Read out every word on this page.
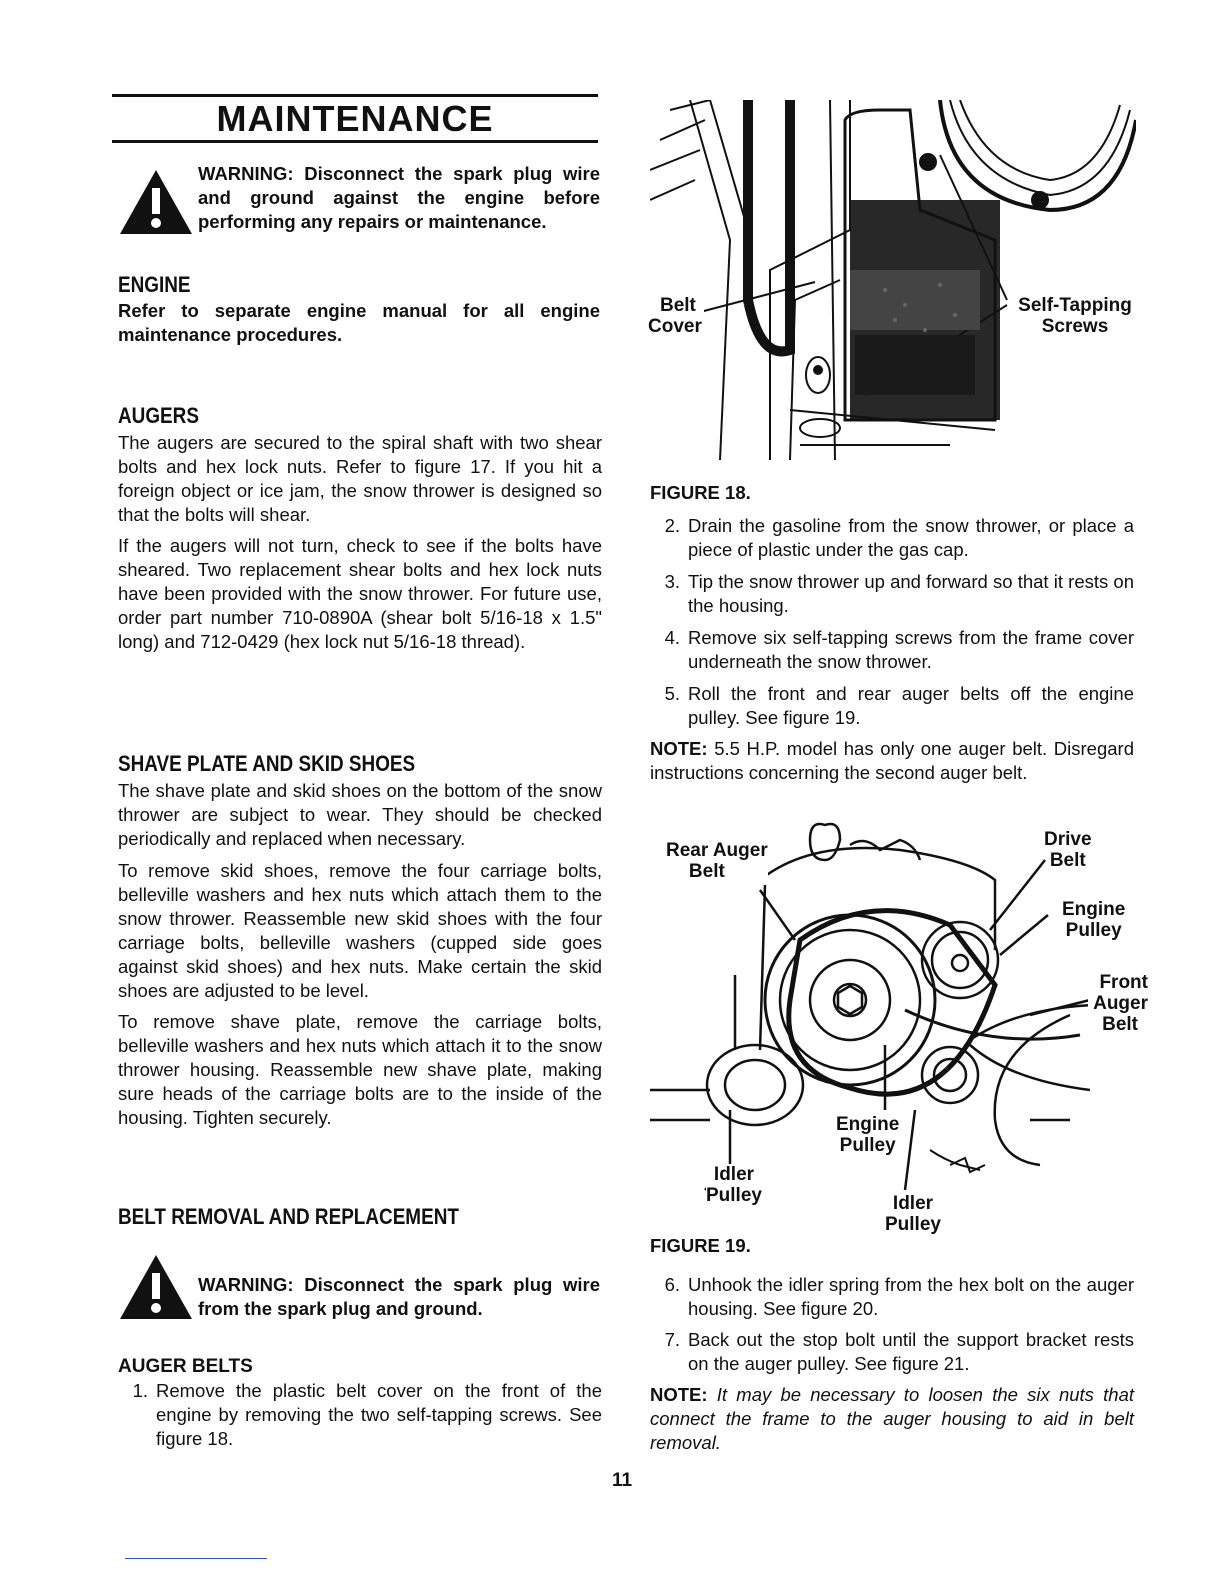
MAINTENANCE
WARNING: Disconnect the spark plug wire and ground against the engine before performing any repairs or maintenance.
ENGINE
Refer to separate engine manual for all engine maintenance procedures.
AUGERS
The augers are secured to the spiral shaft with two shear bolts and hex lock nuts. Refer to figure 17. If you hit a foreign object or ice jam, the snow thrower is designed so that the bolts will shear.
If the augers will not turn, check to see if the bolts have sheared. Two replacement shear bolts and hex lock nuts have been provided with the snow thrower. For future use, order part number 710-0890A (shear bolt 5/16-18 x 1.5" long) and 712-0429 (hex lock nut 5/16-18 thread).
SHAVE PLATE AND SKID SHOES
The shave plate and skid shoes on the bottom of the snow thrower are subject to wear. They should be checked periodically and replaced when necessary.
To remove skid shoes, remove the four carriage bolts, belleville washers and hex nuts which attach them to the snow thrower. Reassemble new skid shoes with the four carriage bolts, belleville washers (cupped side goes against skid shoes) and hex nuts. Make certain the skid shoes are adjusted to be level.
To remove shave plate, remove the carriage bolts, belleville washers and hex nuts which attach it to the snow thrower housing. Reassemble new shave plate, making sure heads of the carriage bolts are to the inside of the housing. Tighten securely.
BELT REMOVAL AND REPLACEMENT
WARNING: Disconnect the spark plug wire from the spark plug and ground.
AUGER BELTS
1. Remove the plastic belt cover on the front of the engine by removing the two self-tapping screws. See figure 18.
Belt
Cover
Self-Tapping
Screws
FIGURE 18.
2. Drain the gasoline from the snow thrower, or place a piece of plastic under the gas cap.
3. Tip the snow thrower up and forward so that it rests on the housing.
4. Remove six self-tapping screws from the frame cover underneath the snow thrower.
5. Roll the front and rear auger belts off the engine pulley. See figure 19.
NOTE: 5.5 H.P. model has only one auger belt. Disregard instructions concerning the second auger belt.
Rear Auger
Belt
Drive
Belt
Engine
Pulley
Front
Auger
Belt
Engine
Pulley
Idler
Pulley	Idler
Pulley
FIGURE 19.
6. Unhook the idler spring from the hex bolt on the auger housing. See figure 20.
7. Back out the stop bolt until the support bracket rests on the auger pulley. See figure 21.
NOTE: It may be necessary to loosen the six nuts that connect the frame to the auger housing to aid in belt removal.
11
